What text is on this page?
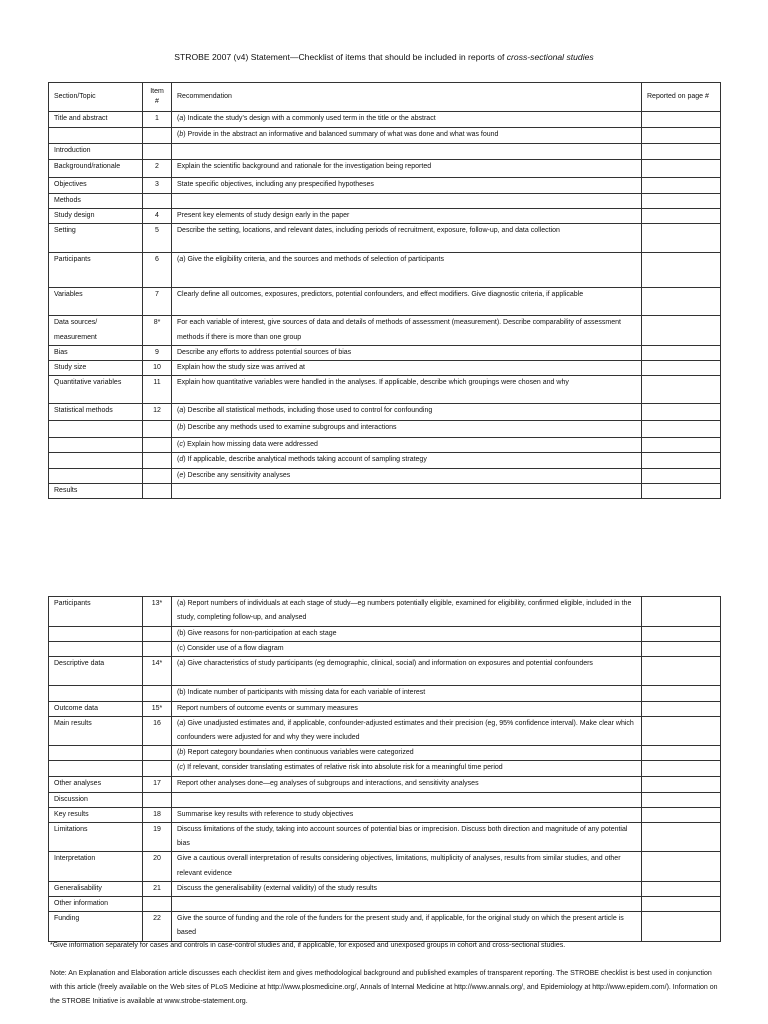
STROBE 2007 (v4) Statement—Checklist of items that should be included in reports of cross-sectional studies
Section/Topic	Item #	Recommendation	Reported on page #
Title and abstract	1	(a) Indicate the study’s design with a commonly used term in the title or the abstract	
		(b) Provide in the abstract an informative and balanced summary of what was done and what was found	
Introduction			
Background/rationale	2	Explain the scientific background and rationale for the investigation being reported	
Objectives	3	State specific objectives, including any prespecified hypotheses	
Methods			
Study design	4	Present key elements of study design early in the paper	
Setting	5	Describe the setting, locations, and relevant dates, including periods of recruitment, exposure, follow-up, and data collection	
Participants	6	(a) Give the eligibility criteria, and the sources and methods of selection of participants	
Variables	7	Clearly define all outcomes, exposures, predictors, potential confounders, and effect modifiers. Give diagnostic criteria, if applicable	
Data sources/ measurement	8*	For each variable of interest, give sources of data and details of methods of assessment (measurement). Describe comparability of assessment methods if there is more than one group	
Bias	9	Describe any efforts to address potential sources of bias	
Study size	10	Explain how the study size was arrived at	
Quantitative variables	11	Explain how quantitative variables were handled in the analyses. If applicable, describe which groupings were chosen and why	
Statistical methods	12	(a) Describe all statistical methods, including those used to control for confounding	
		(b) Describe any methods used to examine subgroups and interactions	
		(c) Explain how missing data were addressed	
		(d) If applicable, describe analytical methods taking account of sampling strategy	
		(e) Describe any sensitivity analyses	
Results			
Participants	13*	(a) Report numbers of individuals at each stage of study—eg numbers potentially eligible, examined for eligibility, confirmed eligible, included in the study, completing follow-up, and analysed	
		(b) Give reasons for non-participation at each stage	
		(c) Consider use of a flow diagram	
Descriptive data	14*	(a) Give characteristics of study participants (eg demographic, clinical, social) and information on exposures and potential confounders	
		(b) Indicate number of participants with missing data for each variable of interest	
Outcome data	15*	Report numbers of outcome events or summary measures	
Main results	16	(a) Give unadjusted estimates and, if applicable, confounder-adjusted estimates and their precision (eg, 95% confidence interval). Make clear which confounders were adjusted for and why they were included	
		(b) Report category boundaries when continuous variables were categorized	
		(c) If relevant, consider translating estimates of relative risk into absolute risk for a meaningful time period	
Other analyses	17	Report other analyses done—eg analyses of subgroups and interactions, and sensitivity analyses	
Discussion			
Key results	18	Summarise key results with reference to study objectives	
Limitations	19	Discuss limitations of the study, taking into account sources of potential bias or imprecision. Discuss both direction and magnitude of any potential bias	
Interpretation	20	Give a cautious overall interpretation of results considering objectives, limitations, multiplicity of analyses, results from similar studies, and other relevant evidence	
Generalisability	21	Discuss the generalisability (external validity) of the study results	
Other information			
Funding	22	Give the source of funding and the role of the funders for the present study and, if applicable, for the original study on which the present article is based	
*Give information separately for cases and controls in case-control studies and, if applicable, for exposed and unexposed groups in cohort and cross-sectional studies.
Note: An Explanation and Elaboration article discusses each checklist item and gives methodological background and published examples of transparent reporting. The STROBE checklist is best used in conjunction with this article (freely available on the Web sites of PLoS Medicine at http://www.plosmedicine.org/, Annals of Internal Medicine at http://www.annals.org/, and Epidemiology at http://www.epidem.com/). Information on the STROBE Initiative is available at www.strobe-statement.org.
